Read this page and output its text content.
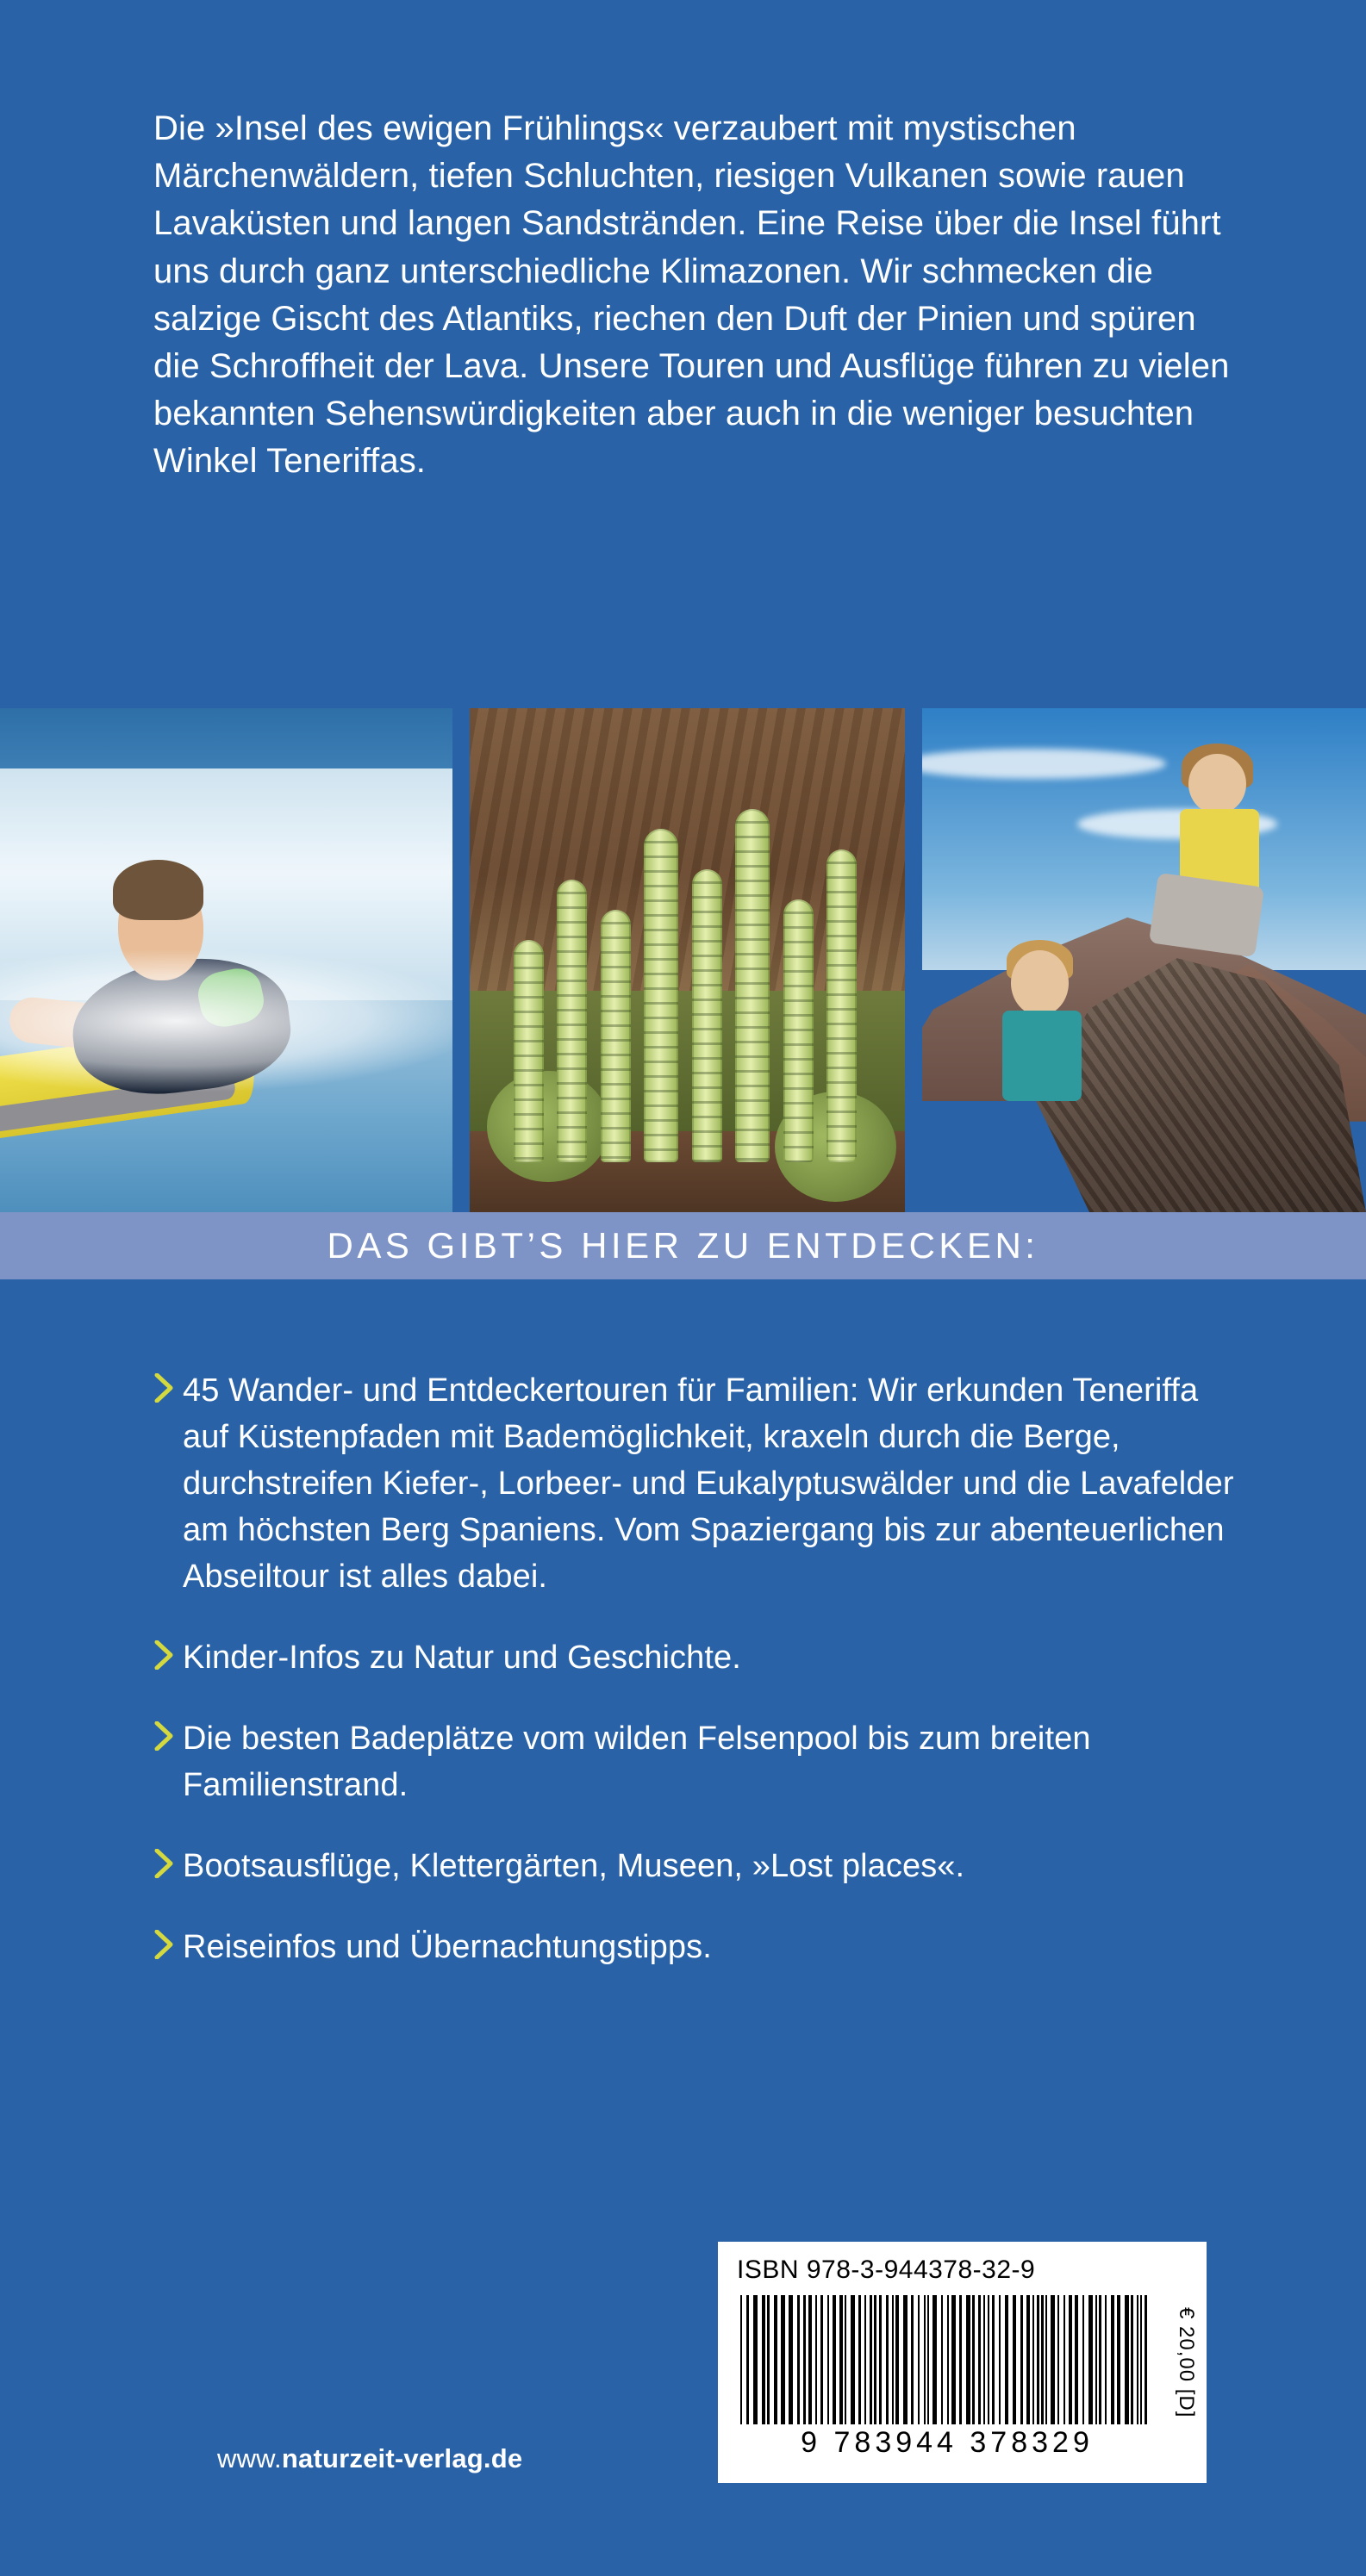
Die »Insel des ewigen Frühlings« verzaubert mit mystischen Märchenwäldern, tiefen Schluchten, riesigen Vulkanen sowie rauen Lavaküsten und langen Sandstränden. Eine Reise über die Insel führt uns durch ganz unterschiedliche Klimazonen. Wir schmecken die salzige Gischt des Atlantiks, riechen den Duft der Pinien und spüren die Schroffheit der Lava. Unsere Touren und Ausflüge führen zu vielen bekannten Sehenswürdigkeiten aber auch in die weniger besuchten Winkel Teneriffas.
DAS GIBT’S HIER ZU ENTDECKEN:
45 Wander- und Entdeckertouren für Familien: Wir erkunden Teneriffa auf Küstenpfaden mit Bademöglichkeit, kraxeln durch die Berge, durchstreifen Kiefer-, Lorbeer- und Eukalyptuswälder und die Lavafelder am höchsten Berg Spaniens. Vom Spaziergang bis zur abenteuerlichen Abseiltour ist alles dabei.
Kinder-Infos zu Natur und Geschichte.
Die besten Badeplätze vom wilden Felsenpool bis zum breiten Familienstrand.
Bootsausflüge, Klettergärten, Museen, »Lost places«.
Reiseinfos und Übernachtungstipps.
www.naturzeit-verlag.de
ISBN 978-3-944378-32-9
€ 20,00 [D]
9 783944 378329
